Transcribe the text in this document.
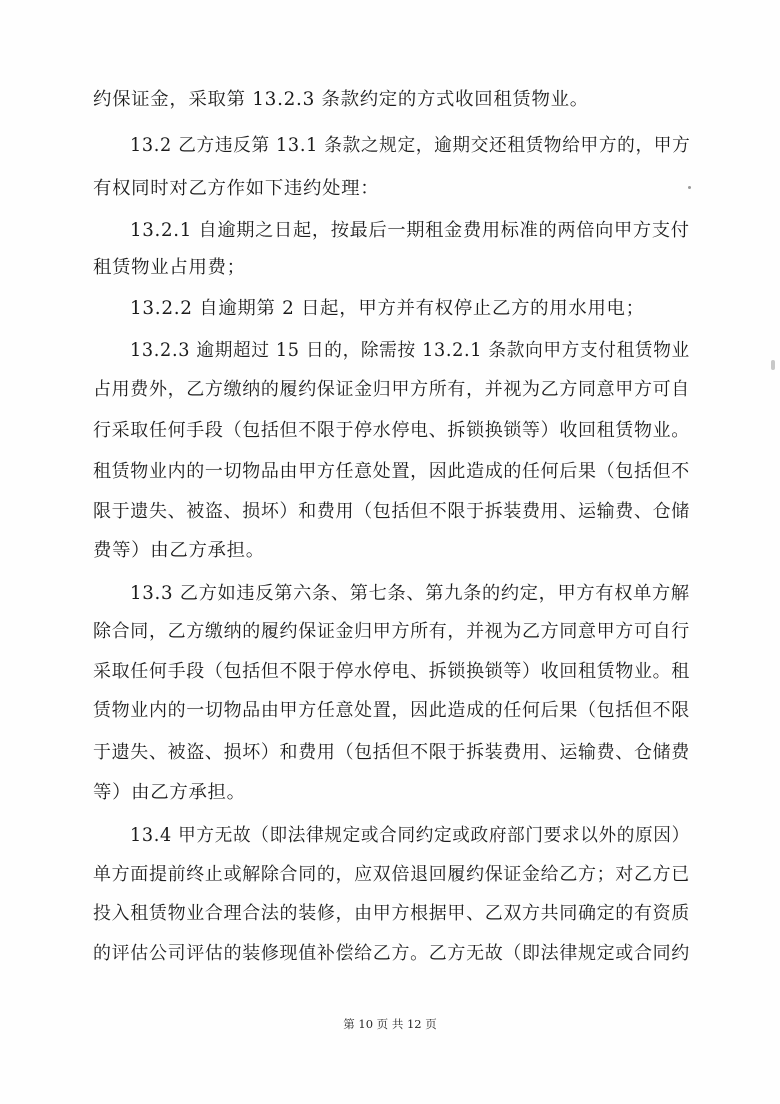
约保证金，采取第 13.2.3 条款约定的方式收回租赁物业。
13.2 乙方违反第 13.1 条款之规定，逾期交还租赁物给甲方的，甲方
有权同时对乙方作如下违约处理：
13.2.1 自逾期之日起，按最后一期租金费用标准的两倍向甲方支付
租赁物业占用费；
13.2.2 自逾期第 2 日起，甲方并有权停止乙方的用水用电；
13.2.3 逾期超过 15 日的，除需按 13.2.1 条款向甲方支付租赁物业
占用费外，乙方缴纳的履约保证金归甲方所有，并视为乙方同意甲方可自
行采取任何手段（包括但不限于停水停电、拆锁换锁等）收回租赁物业。
租赁物业内的一切物品由甲方任意处置，因此造成的任何后果（包括但不
限于遗失、被盗、损坏）和费用（包括但不限于拆装费用、运输费、仓储
费等）由乙方承担。
13.3 乙方如违反第六条、第七条、第九条的约定，甲方有权单方解
除合同，乙方缴纳的履约保证金归甲方所有，并视为乙方同意甲方可自行
采取任何手段（包括但不限于停水停电、拆锁换锁等）收回租赁物业。租
赁物业内的一切物品由甲方任意处置，因此造成的任何后果（包括但不限
于遗失、被盗、损坏）和费用（包括但不限于拆装费用、运输费、仓储费
等）由乙方承担。
13.4 甲方无故（即法律规定或合同约定或政府部门要求以外的原因）
单方面提前终止或解除合同的，应双倍退回履约保证金给乙方；对乙方已
投入租赁物业合理合法的装修，由甲方根据甲、乙双方共同确定的有资质
的评估公司评估的装修现值补偿给乙方。乙方无故（即法律规定或合同约
第 10 页 共 12 页
